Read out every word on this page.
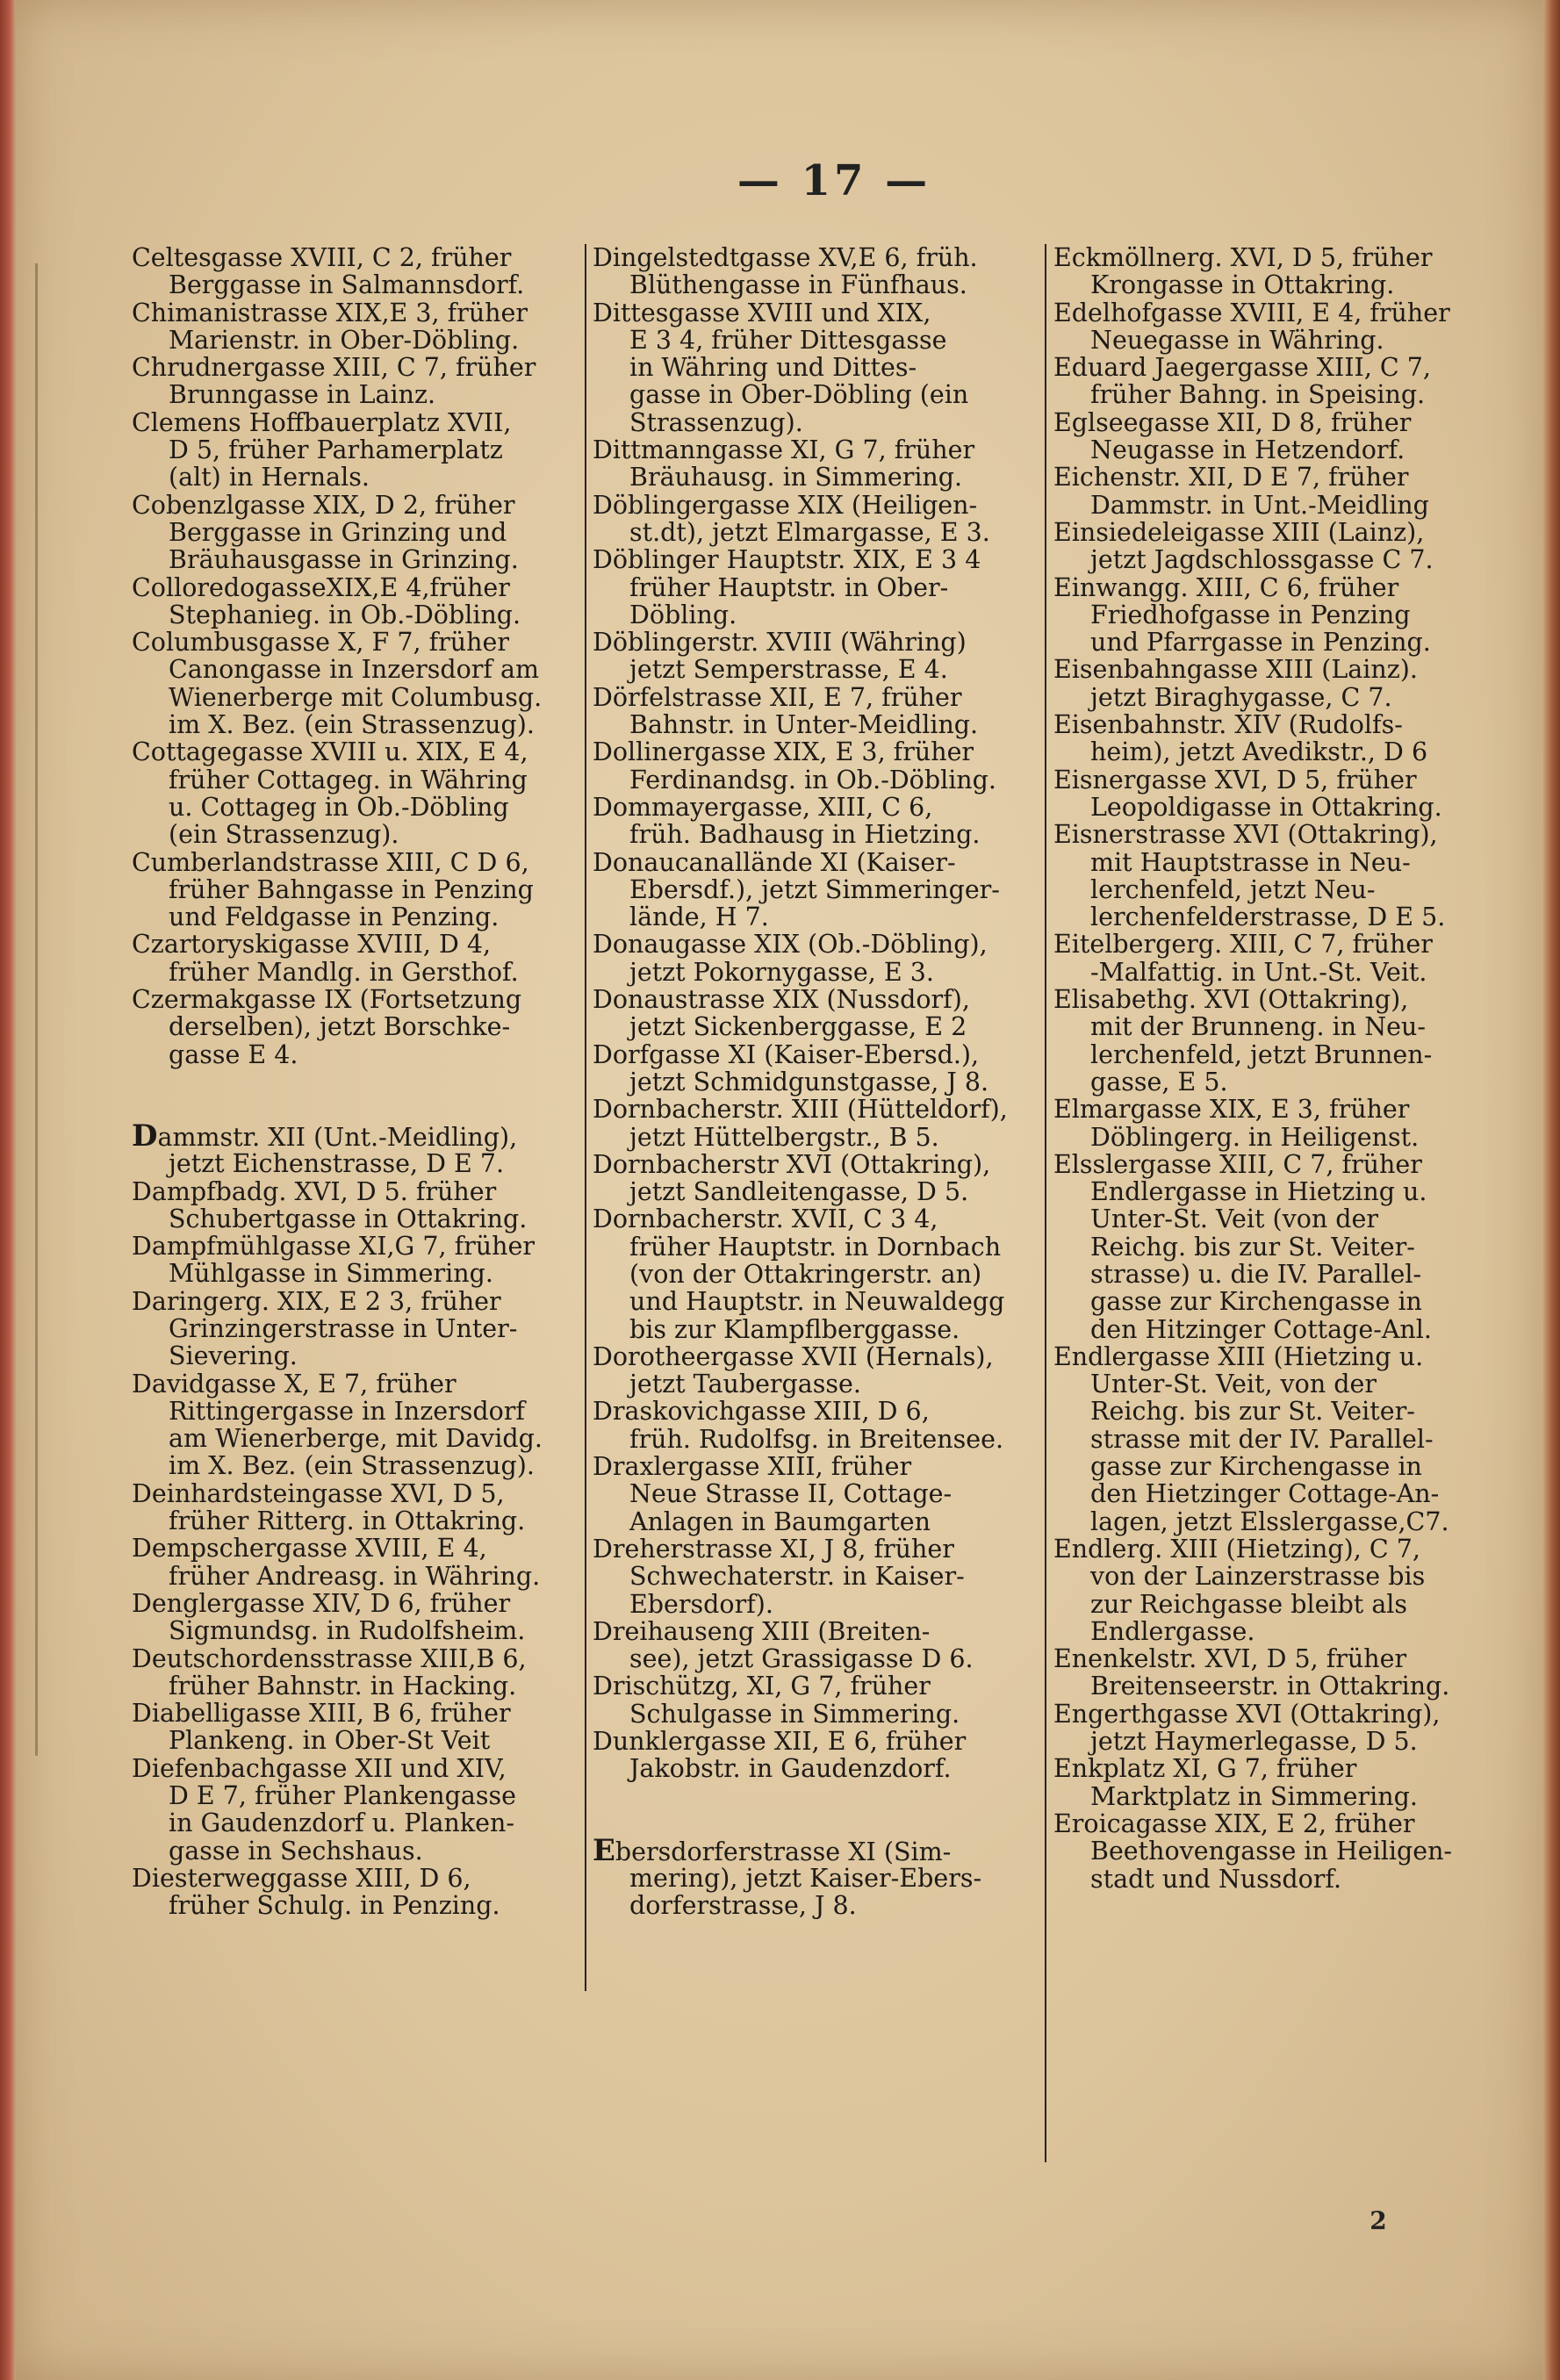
— 17 —
Celtesgasse XVIII, C 2, früher
Berggasse in Salmannsdorf.
Chimanistrasse XIX,E 3, früher
Marienstr. in Ober-Döbling.
Chrudnergasse XIII, C 7, früher
Brunngasse in Lainz.
Clemens Hoffbauerplatz XVII,
D 5, früher Parhamerplatz
(alt) in Hernals.
Cobenzlgasse XIX, D 2, früher
Berggasse in Grinzing und
Bräuhausgasse in Grinzing.
ColloredogasseXIX,E 4,früher
Stephanieg. in Ob.-Döbling.
Columbusgasse X, F 7, früher
Canongasse in Inzersdorf am
Wienerberge mit Columbusg.
im X. Bez. (ein Strassenzug).
Cottagegasse XVIII u. XIX, E 4,
früher Cottageg. in Währing
u. Cottageg in Ob.-Döbling
(ein Strassenzug).
Cumberlandstrasse XIII, C D 6,
früher Bahngasse in Penzing
und Feldgasse in Penzing.
Czartoryskigasse XVIII, D 4,
früher Mandlg. in Gersthof.
Czermakgasse IX (Fortsetzung
derselben), jetzt Borschke-
gasse E 4.
Dammstr. XII (Unt.-Meidling),
jetzt Eichenstrasse, D E 7.
Dampfbadg. XVI, D 5. früher
Schubertgasse in Ottakring.
Dampfmühlgasse XI,G 7, früher
Mühlgasse in Simmering.
Daringerg. XIX, E 2 3, früher
Grinzingerstrasse in Unter-
Sievering.
Davidgasse X, E 7, früher
Rittingergasse in Inzersdorf
am Wienerberge, mit Davidg.
im X. Bez. (ein Strassenzug).
Deinhardsteingasse XVI, D 5,
früher Ritterg. in Ottakring.
Dempschergasse XVIII, E 4,
früher Andreasg. in Währing.
Denglergasse XIV, D 6, früher
Sigmundsg. in Rudolfsheim.
Deutschordensstrasse XIII,B 6,
früher Bahnstr. in Hacking.
Diabelligasse XIII, B 6, früher
Plankeng. in Ober-St Veit
Diefenbachgasse XII und XIV,
D E 7, früher Plankengasse
in Gaudenzdorf u. Planken-
gasse in Sechshaus.
Diesterweggasse XIII, D 6,
früher Schulg. in Penzing.
Dingelstedtgasse XV,E 6, früh.
Blüthengasse in Fünfhaus.
Dittesgasse XVIII und XIX,
E 3 4, früher Dittesgasse
in Währing und Dittes-
gasse in Ober-Döbling (ein
Strassenzug).
Dittmanngasse XI, G 7, früher
Bräuhausg. in Simmering.
Döblingergasse XIX (Heiligen-
st.dt), jetzt Elmargasse, E 3.
Döblinger Hauptstr. XIX, E 3 4
früher Hauptstr. in Ober-
Döbling.
Döblingerstr. XVIII (Währing)
jetzt Semperstrasse, E 4.
Dörfelstrasse XII, E 7, früher
Bahnstr. in Unter-Meidling.
Dollinergasse XIX, E 3, früher
Ferdinandsg. in Ob.-Döbling.
Dommayergasse, XIII, C 6,
früh. Badhausg in Hietzing.
Donaucanallände XI (Kaiser-
Ebersdf.), jetzt Simmeringer-
lände, H 7.
Donaugasse XIX (Ob.-Döbling),
jetzt Pokornygasse, E 3.
Donaustrasse XIX (Nussdorf),
jetzt Sickenberggasse, E 2
Dorfgasse XI (Kaiser-Ebersd.),
jetzt Schmidgunstgasse, J 8.
Dornbacherstr. XIII (Hütteldorf),
jetzt Hüttelbergstr., B 5.
Dornbacherstr XVI (Ottakring),
jetzt Sandleitengasse, D 5.
Dornbacherstr. XVII, C 3 4,
früher Hauptstr. in Dornbach
(von der Ottakringerstr. an)
und Hauptstr. in Neuwaldegg
bis zur Klampflberggasse.
Dorotheergasse XVII (Hernals),
jetzt Taubergasse.
Draskovichgasse XIII, D 6,
früh. Rudolfsg. in Breitensee.
Draxlergasse XIII, früher
Neue Strasse II, Cottage-
Anlagen in Baumgarten
Dreherstrasse XI, J 8, früher
Schwechaterstr. in Kaiser-
Ebersdorf).
Dreihauseng XIII (Breiten-
see), jetzt Grassigasse D 6.
Drischützg, XI, G 7, früher
Schulgasse in Simmering.
Dunklergasse XII, E 6, früher
Jakobstr. in Gaudenzdorf.
Ebersdorferstrasse XI (Sim-
mering), jetzt Kaiser-Ebers-
dorferstrasse, J 8.
Eckmöllnerg. XVI, D 5, früher
Krongasse in Ottakring.
Edelhofgasse XVIII, E 4, früher
Neuegasse in Währing.
Eduard Jaegergasse XIII, C 7,
früher Bahng. in Speising.
Eglseegasse XII, D 8, früher
Neugasse in Hetzendorf.
Eichenstr. XII, D E 7, früher
Dammstr. in Unt.-Meidling
Einsiedeleigasse XIII (Lainz),
jetzt Jagdschlossgasse C 7.
Einwangg. XIII, C 6, früher
Friedhofgasse in Penzing
und Pfarrgasse in Penzing.
Eisenbahngasse XIII (Lainz).
jetzt Biraghygasse, C 7.
Eisenbahnstr. XIV (Rudolfs-
heim), jetzt Avedikstr., D 6
Eisnergasse XVI, D 5, früher
Leopoldigasse in Ottakring.
Eisnerstrasse XVI (Ottakring),
mit Hauptstrasse in Neu-
lerchenfeld, jetzt Neu-
lerchenfelderstrasse, D E 5.
Eitelbergerg. XIII, C 7, früher
-Malfattig. in Unt.-St. Veit.
Elisabethg. XVI (Ottakring),
mit der Brunneng. in Neu-
lerchenfeld, jetzt Brunnen-
gasse, E 5.
Elmargasse XIX, E 3, früher
Döblingerg. in Heiligenst.
Elsslergasse XIII, C 7, früher
Endlergasse in Hietzing u.
Unter-St. Veit (von der
Reichg. bis zur St. Veiter-
strasse) u. die IV. Parallel-
gasse zur Kirchengasse in
den Hitzinger Cottage-Anl.
Endlergasse XIII (Hietzing u.
Unter-St. Veit, von der
Reichg. bis zur St. Veiter-
strasse mit der IV. Parallel-
gasse zur Kirchengasse in
den Hietzinger Cottage-An-
lagen, jetzt Elsslergasse,C7.
Endlerg. XIII (Hietzing), C 7,
von der Lainzerstrasse bis
zur Reichgasse bleibt als
Endlergasse.
Enenkelstr. XVI, D 5, früher
Breitenseerstr. in Ottakring.
Engerthgasse XVI (Ottakring),
jetzt Haymerlegasse, D 5.
Enkplatz XI, G 7, früher
Marktplatz in Simmering.
Eroicagasse XIX, E 2, früher
Beethovengasse in Heiligen-
stadt und Nussdorf.
2
